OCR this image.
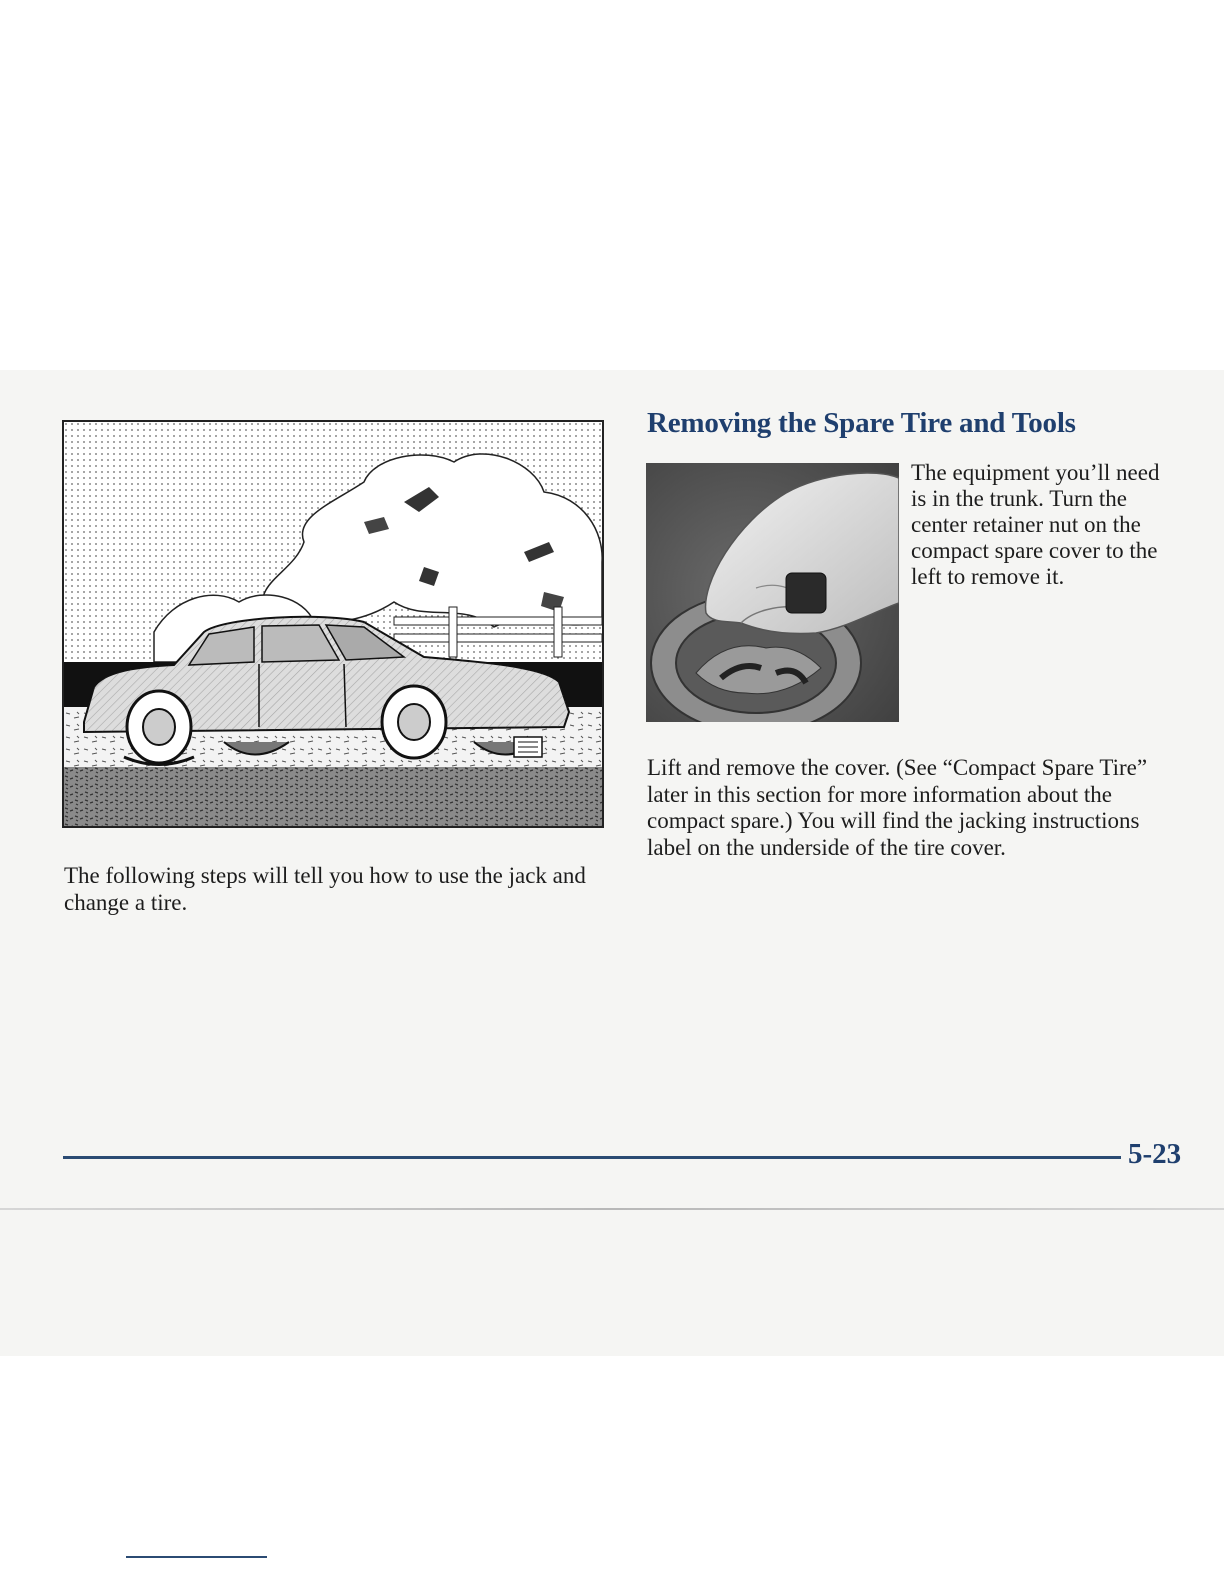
The following steps will tell you how to use the jack and change a tire.

Removing the Spare Tire and Tools

The equipment you’ll need is in the trunk. Turn the center retainer nut on the compact spare cover to the left to remove it.

Lift and remove the cover. (See “Compact Spare Tire” later in this section for more information about the compact spare.) You will find the jacking instructions label on the underside of the tire cover.

5-23
